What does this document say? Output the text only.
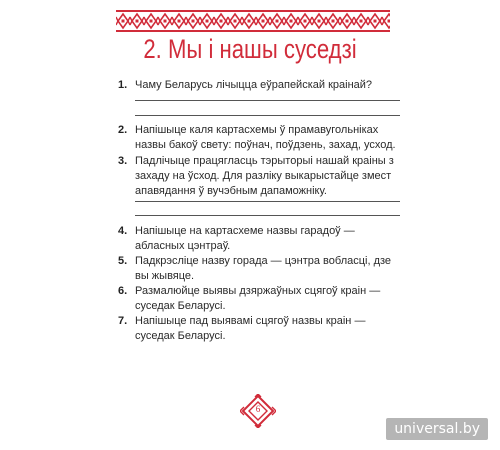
2. Мы і нашы суседзі
1. Чаму Беларусь лічыцца еўрапейскай краінай?
2. Напішыце каля картасхемы ў прамавугольніках назвы бакоў свету: поўнач, поўдзень, захад, усход.
3. Падлічыце працягласць тэрыторыі нашай краіны з захаду на ўсход. Для разліку выкарыстайце змест апавядання ў вучэбным дапаможніку.
4. Напішыце на картасхеме назвы гарадоў — абласных цэнтраў.
5. Падкрэсліце назву горада — цэнтра вобласці, дзе вы жывяце.
6. Размалюйце выявы дзяржаўных сцягоў краін — суседак Беларусі.
7. Напішыце пад выявамі сцягоў назвы краін — суседак Беларусі.
6
universal.by
